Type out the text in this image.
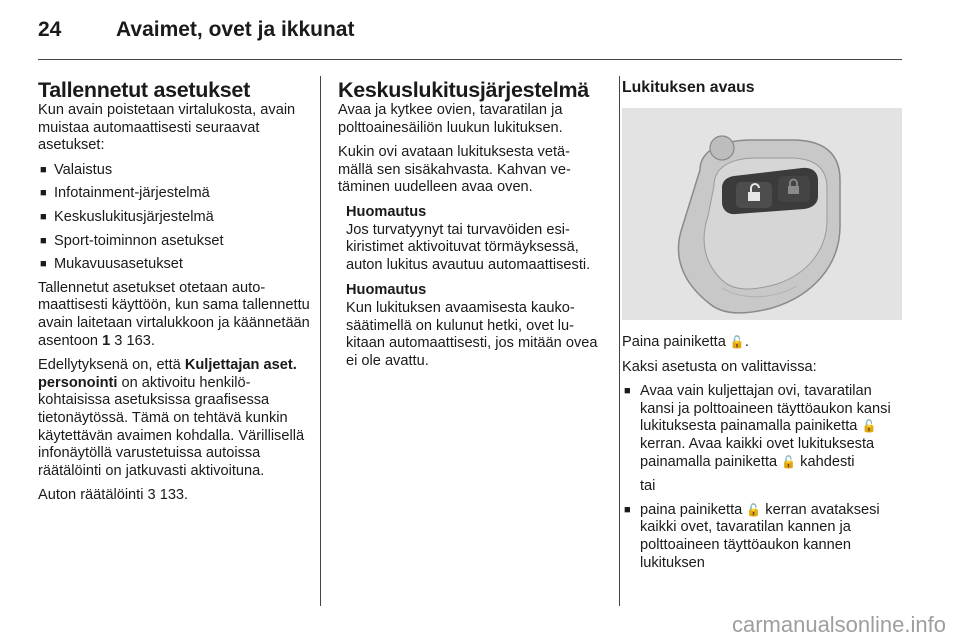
24	Avaimet, ovet ja ikkunat
Tallennetut asetukset

Kun avain poistetaan virtalukosta, avain muistaa automaattisesti seuraavat asetukset:

■ Valaistus
■ Infotainment-järjestelmä
■ Keskuslukitusjärjestelmä
■ Sport-toiminnon asetukset
■ Mukavuusasetukset

Tallennetut asetukset otetaan automaattisesti käyttöön, kun sama tallennettu avain laitetaan virtalukkoon ja käännetään asentoon 1 3 163.

Edellytyksenä on, että Kuljettajan aset. personointi on aktivoitu henkilökohtaisissa asetuksissa graafisessa tietonäytössä. Tämä on tehtävä kunkin käytettävän avaimen kohdalla. Värillisellä infonäytöllä varustetuissa autoissa räätälöinti on jatkuvasti aktivoituna.

Auton räätälöinti 3 133.

Keskuslukitusjärjestelmä

Avaa ja kytkee ovien, tavaratilan ja polttoainesäiliön luukun lukituksen.

Kukin ovi avataan lukituksesta vetämällä sen sisäkahvasta. Kahvan vetäminen uudelleen avaa oven.

Huomautus
Jos turvatyynyt tai turvavöiden esikiristimet aktivoituvat törmäyksessä, auton lukitus avautuu automaattisesti.
Huomautus
Kun lukituksen avaamisesta kaukosäätimellä on kulunut hetki, ovet lukitaan automaattisesti, jos mitään ovea ei ole avattu.
Lukituksen avaus

Paina painiketta 🔓.

Kaksi asetusta on valittavissa:

■ Avaa vain kuljettajan ovi, tavaratilan kansi ja polttoaineen täyttöaukon kansi lukituksesta painamalla painiketta 🔓 kerran. Avaa kaikki ovet lukituksesta painamalla painiketta 🔓 kahdesti
tai
■ paina painiketta 🔓 kerran avataksesi kaikki ovet, tavaratilan kannen ja polttoaineen täyttöaukon kannen lukituksen
carmanualsonline.info
